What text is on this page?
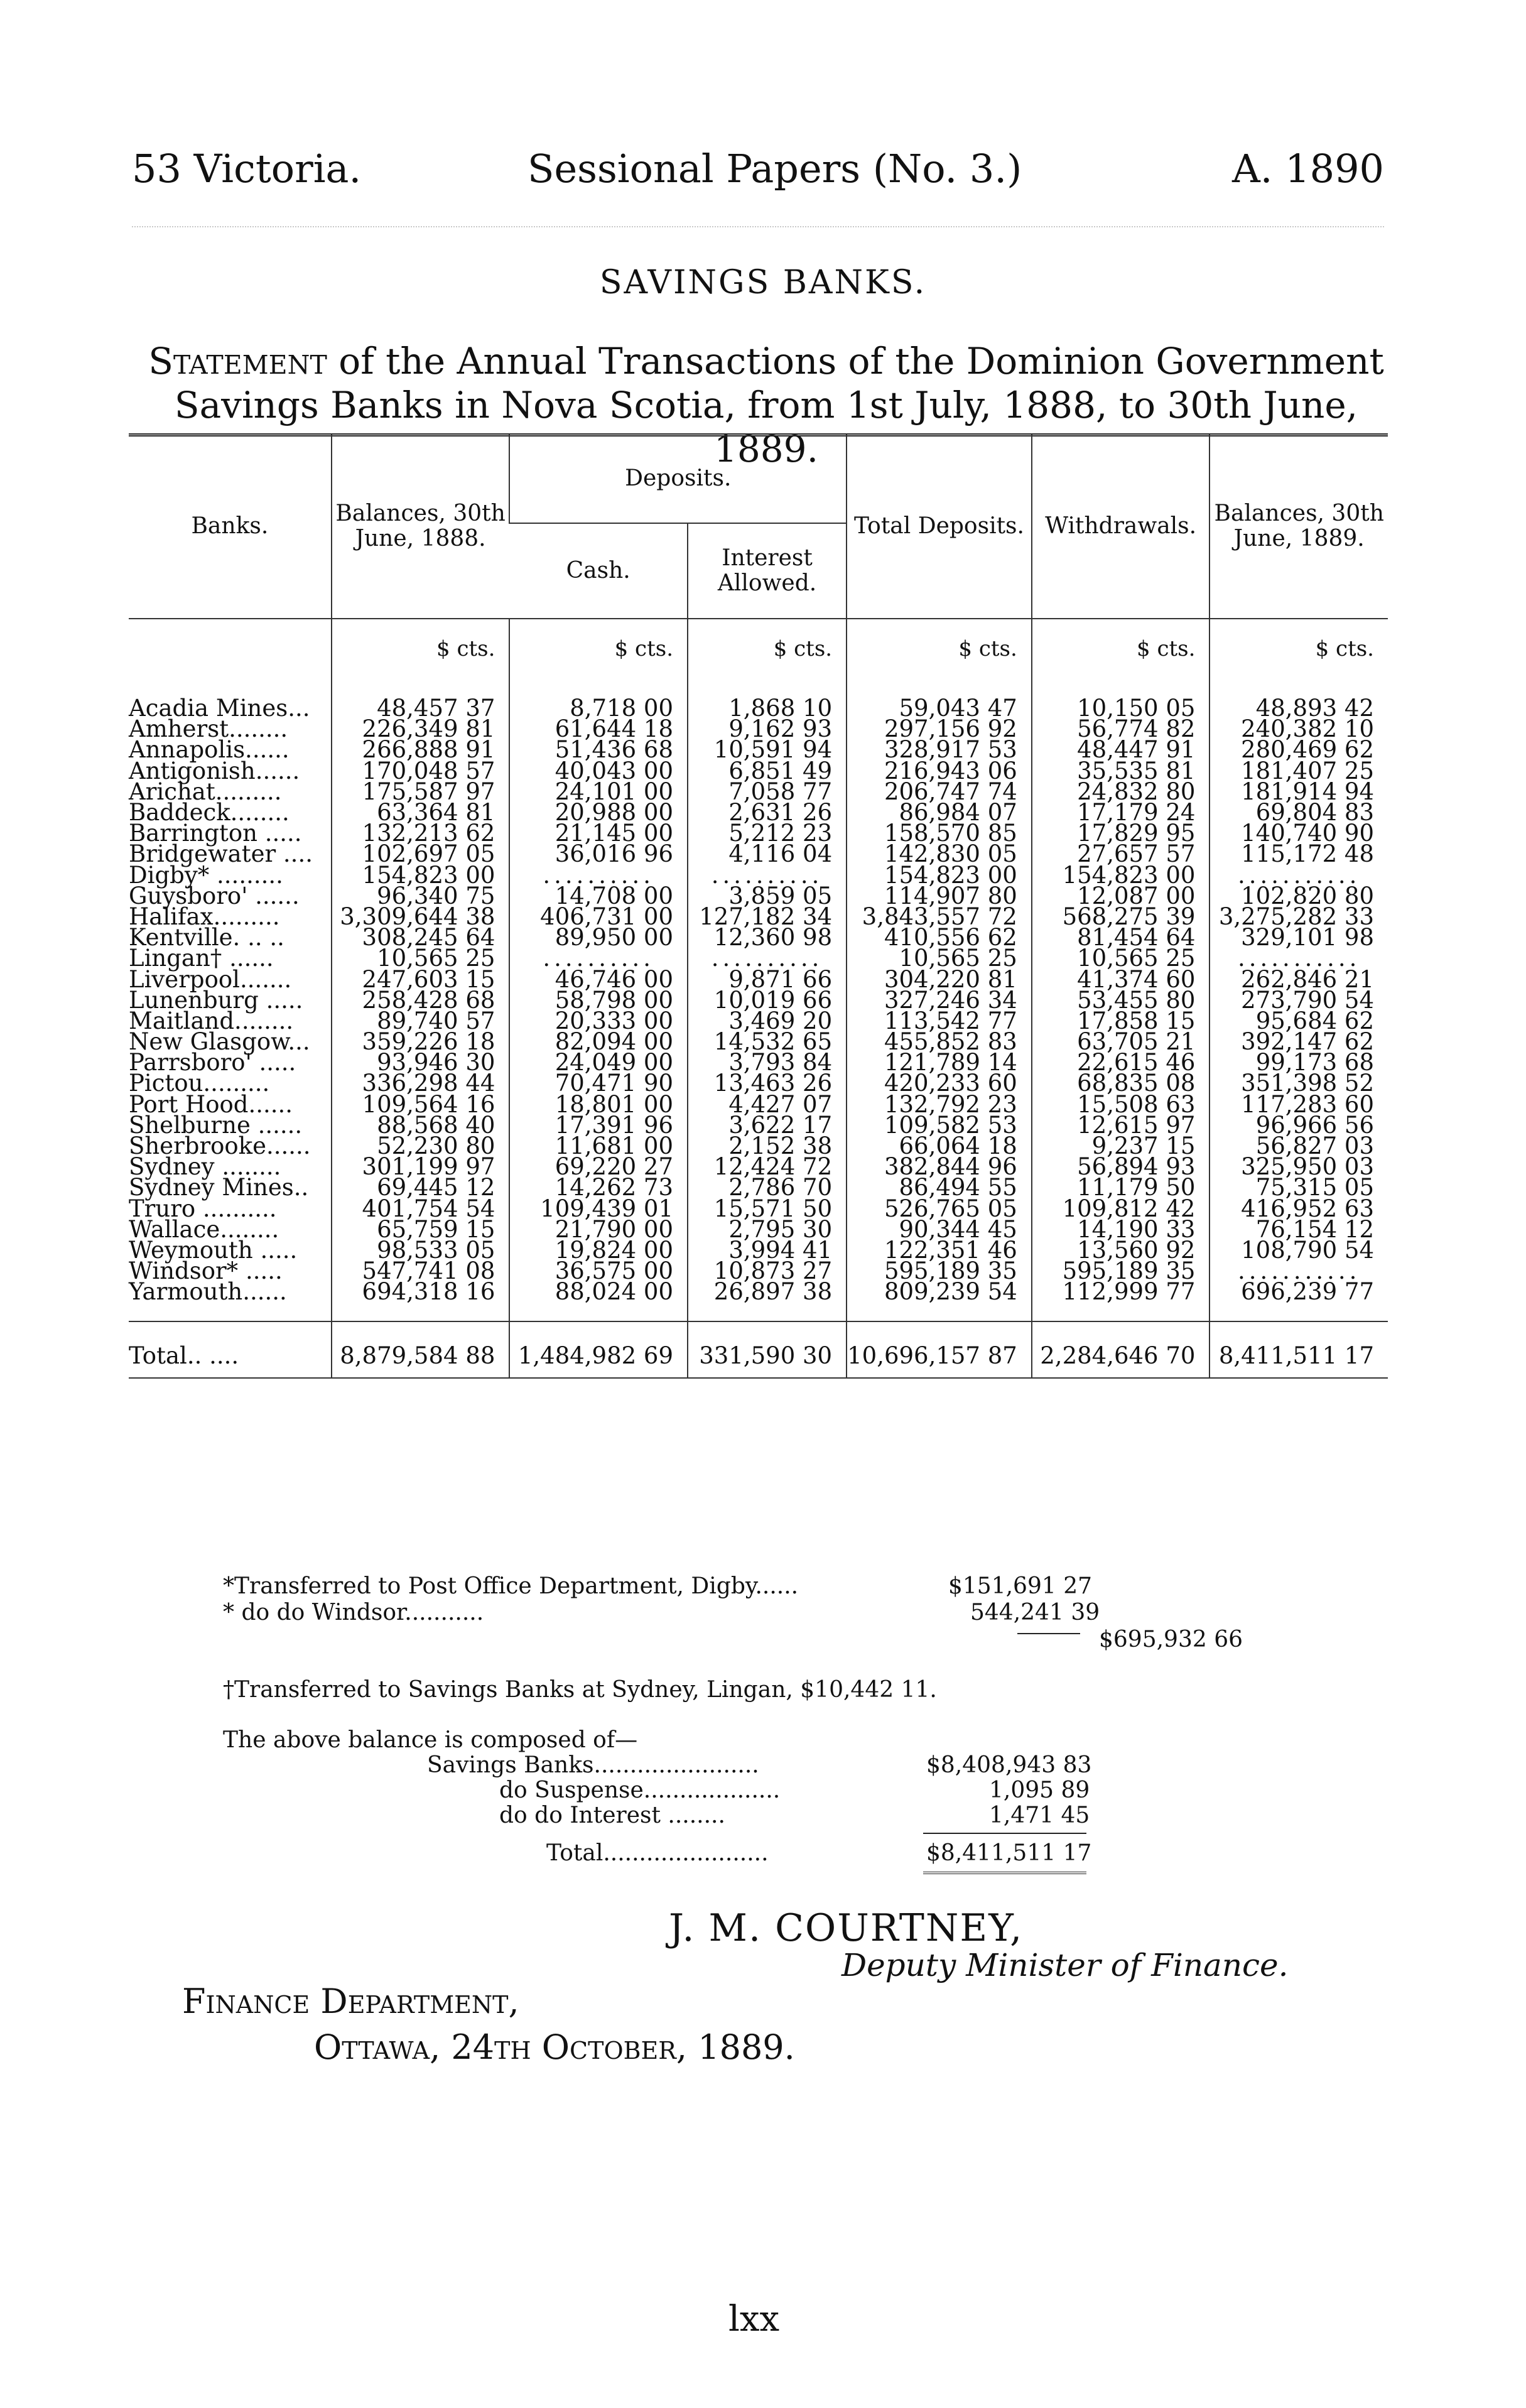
53 Victoria.	Sessional Papers (No. 3.)	A. 1890
SAVINGS BANKS.
Statement of the Annual Transactions of the Dominion Government Savings Banks in Nova Scotia, from 1st July, 1888, to 30th June, 1889.
Banks.	Balances, 30th June, 1888.	Deposits.		Total Deposits.	Withdrawals.	Balances, 30th June, 1889.
		Cash.	Interest Allowed.			
	$ cts.	$ cts.	$ cts.	$ cts.	$ cts.	$ cts.

Acadia Mines...	48,457 37	8,718 00	1,868 10	59,043 47	10,150 05	48,893 42
Amherst........	226,349 81	61,644 18	9,162 93	297,156 92	56,774 82	240,382 10
Annapolis......	266,888 91	51,436 68	10,591 94	328,917 53	48,447 91	280,469 62
Antigonish......	170,048 57	40,043 00	6,851 49	216,943 06	35,535 81	181,407 25
Arichat.........	175,587 97	24,101 00	7,058 77	206,747 74	24,832 80	181,914 94
Baddeck........	63,364 81	20,988 00	2,631 26	86,984 07	17,179 24	69,804 83
Barrington .....	132,213 62	21,145 00	5,212 23	158,570 85	17,829 95	140,740 90
Bridgewater ....	102,697 05	36,016 96	4,116 04	142,830 05	27,657 57	115,172 48
Digby* .........	154,823 00	..........	..........	154,823 00	154,823 00	...........
Guysboro' ......	96,340 75	14,708 00	3,859 05	114,907 80	12,087 00	102,820 80
Halifax.........	3,309,644 38	406,731 00	127,182 34	3,843,557 72	568,275 39	3,275,282 33
Kentville. .. ..	308,245 64	89,950 00	12,360 98	410,556 62	81,454 64	329,101 98
Lingan† ......	10,565 25	..........	..........	10,565 25	10,565 25	...........
Liverpool.......	247,603 15	46,746 00	9,871 66	304,220 81	41,374 60	262,846 21
Lunenburg .....	258,428 68	58,798 00	10,019 66	327,246 34	53,455 80	273,790 54
Maitland........	89,740 57	20,333 00	3,469 20	113,542 77	17,858 15	95,684 62
New Glasgow...	359,226 18	82,094 00	14,532 65	455,852 83	63,705 21	392,147 62
Parrsboro' .....	93,946 30	24,049 00	3,793 84	121,789 14	22,615 46	99,173 68
Pictou.........	336,298 44	70,471 90	13,463 26	420,233 60	68,835 08	351,398 52
Port Hood......	109,564 16	18,801 00	4,427 07	132,792 23	15,508 63	117,283 60
Shelburne ......	88,568 40	17,391 96	3,622 17	109,582 53	12,615 97	96,966 56
Sherbrooke......	52,230 80	11,681 00	2,152 38	66,064 18	9,237 15	56,827 03
Sydney ........	301,199 97	69,220 27	12,424 72	382,844 96	56,894 93	325,950 03
Sydney Mines..	69,445 12	14,262 73	2,786 70	86,494 55	11,179 50	75,315 05
Truro ..........	401,754 54	109,439 01	15,571 50	526,765 05	109,812 42	416,952 63
Wallace........	65,759 15	21,790 00	2,795 30	90,344 45	14,190 33	76,154 12
Weymouth .....	98,533 05	19,824 00	3,994 41	122,351 46	13,560 92	108,790 54
Windsor* .....	547,741 08	36,575 00	10,873 27	595,189 35	595,189 35	...........
Yarmouth......	694,318 16	88,024 00	26,897 38	809,239 54	112,999 77	696,239 77

Total.. ....	8,879,584 88	1,484,982 69	331,590 30	10,696,157 87	2,284,646 70	8,411,511 17
*Transferred to Post Office Department, Digby......	$151,691 27
* do do Windsor...........	544,241 39
$695,932 66
†Transferred to Savings Banks at Sydney, Lingan, $10,442 11.
The above balance is composed of—
Savings Banks.......................	$8,408,943 83
do Suspense...................	1,095 89
do do Interest ........	1,471 45
Total.......................	$8,411,511 17
J. M. COURTNEY,
Deputy Minister of Finance.
Finance Department,
Ottawa, 24th October, 1889.
lxx
